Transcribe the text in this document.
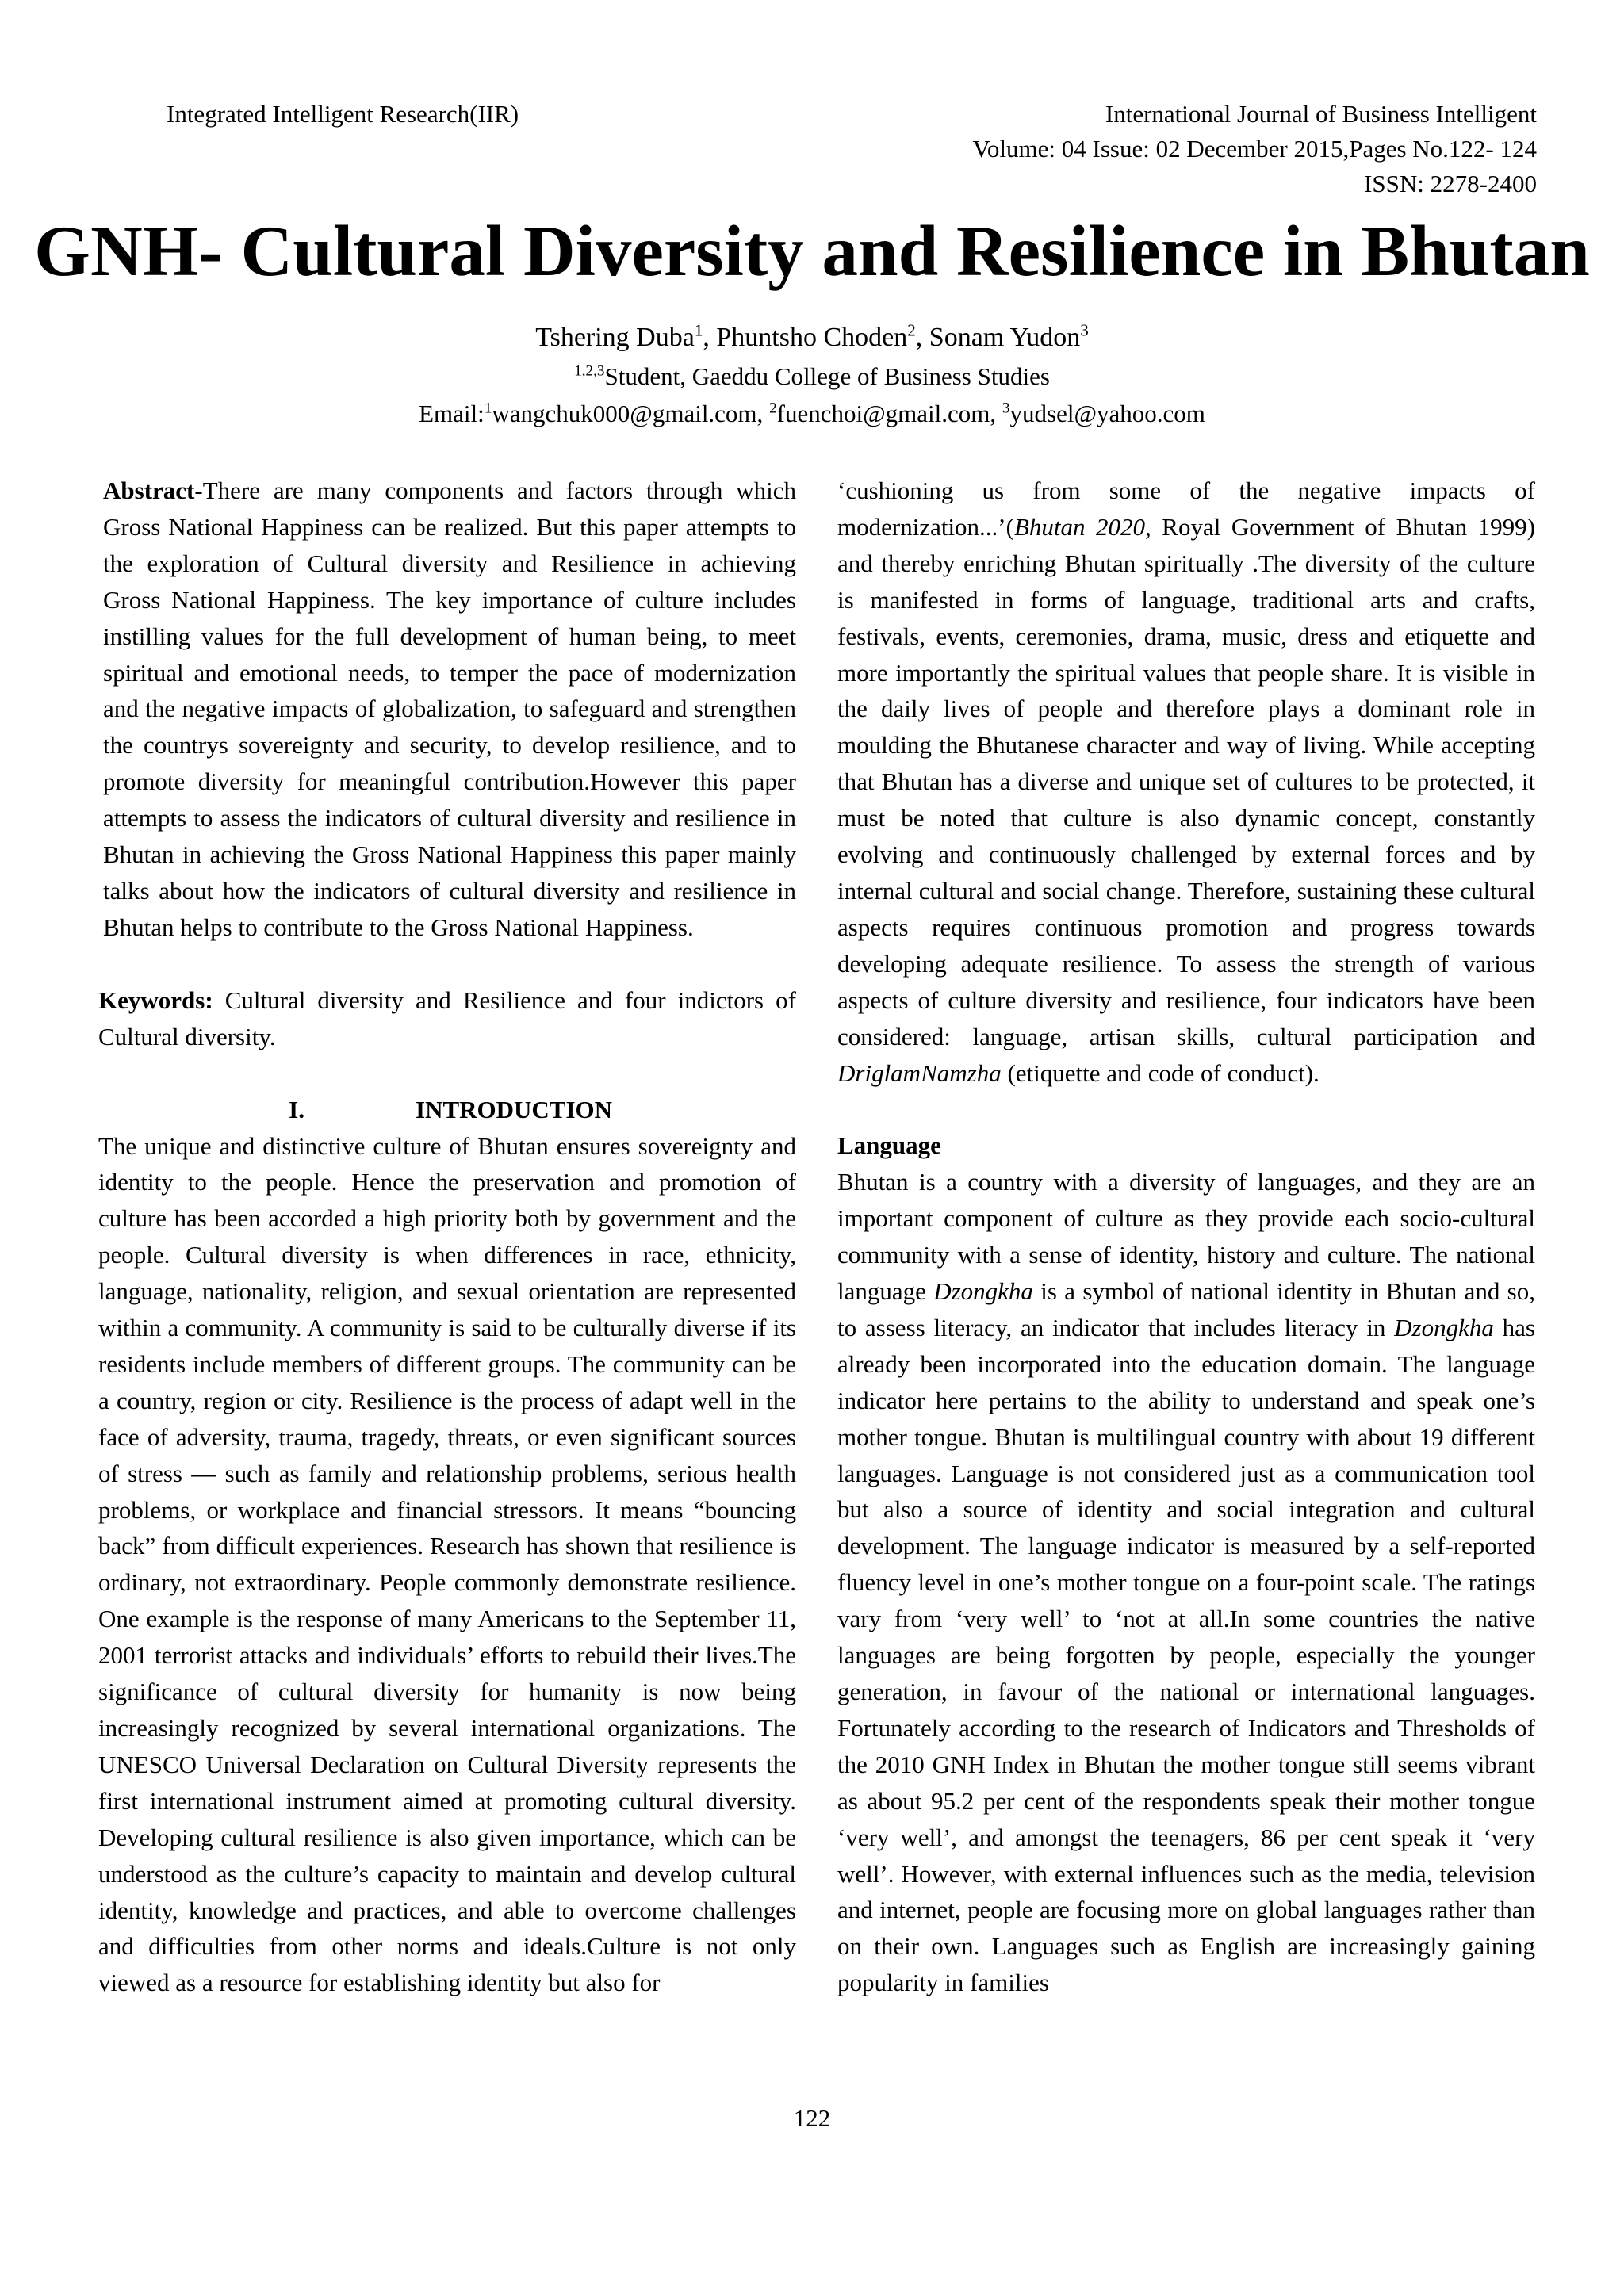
Integrated Intelligent Research(IIR)	International Journal of Business Intelligent
Volume: 04 Issue: 02 December 2015,Pages No.122- 124
ISSN: 2278-2400
GNH- Cultural Diversity and Resilience in Bhutan
Tshering Duba$^1$, Phuntsho Choden$^2$, Sonam Yudon$^3$
$^{1,2,3}$Student, Gaeddu College of Business Studies
Email:$^1$wangchuk000@gmail.com, $^2$fuenchoi@gmail.com, $^3$yudsel@yahoo.com

Abstract-There are many components and factors through which Gross National Happiness can be realized. But this paper attempts to the exploration of Cultural diversity and Resilience in achieving Gross National Happiness. The key importance of culture includes instilling values for the full development of human being, to meet spiritual and emotional needs, to temper the pace of modernization and the negative impacts of globalization, to safeguard and strengthen the countrys sovereignty and security, to develop resilience, and to promote diversity for meaningful contribution.However this paper attempts to assess the indicators of cultural diversity and resilience in Bhutan in achieving the Gross National Happiness this paper mainly talks about how the indicators of cultural diversity and resilience in Bhutan helps to contribute to the Gross National Happiness.

Keywords: Cultural diversity and Resilience and four indictors of Cultural diversity.

I.	INTRODUCTION

The unique and distinctive culture of Bhutan ensures sovereignty and identity to the people. Hence the preservation and promotion of culture has been accorded a high priority both by government and the people. Cultural diversity is when differences in race, ethnicity, language, nationality, religion, and sexual orientation are represented within a community. A community is said to be culturally diverse if its residents include members of different groups. The community can be a country, region or city. Resilience is the process of adapt well in the face of adversity, trauma, tragedy, threats, or even significant sources of stress — such as family and relationship problems, serious health problems, or workplace and financial stressors. It means “bouncing back” from difficult experiences. Research has shown that resilience is ordinary, not extraordinary. People commonly demonstrate resilience. One example is the response of many Americans to the September 11, 2001 terrorist attacks and individuals’ efforts to rebuild their lives.The significance of cultural diversity for humanity is now being increasingly recognized by several international organizations. The UNESCO Universal Declaration on Cultural Diversity represents the first international instrument aimed at promoting cultural diversity. Developing cultural resilience is also given importance, which can be understood as the culture’s capacity to maintain and develop cultural identity, knowledge and practices, and able to overcome challenges and difficulties from other norms and ideals.Culture is not only viewed as a resource for establishing identity but also for

‘cushioning us from some of the negative impacts of modernization...’(Bhutan 2020, Royal Government of Bhutan 1999) and thereby enriching Bhutan spiritually .The diversity of the culture is manifested in forms of language, traditional arts and crafts, festivals, events, ceremonies, drama, music, dress and etiquette and more importantly the spiritual values that people share. It is visible in the daily lives of people and therefore plays a dominant role in moulding the Bhutanese character and way of living. While accepting that Bhutan has a diverse and unique set of cultures to be protected, it must be noted that culture is also dynamic concept, constantly evolving and continuously challenged by external forces and by internal cultural and social change. Therefore, sustaining these cultural aspects requires continuous promotion and progress towards developing adequate resilience. To assess the strength of various aspects of culture diversity and resilience, four indicators have been considered: language, artisan skills, cultural participation and DriglamNamzha (etiquette and code of conduct).

Language

Bhutan is a country with a diversity of languages, and they are an important component of culture as they provide each socio-cultural community with a sense of identity, history and culture. The national language Dzongkha is a symbol of national identity in Bhutan and so, to assess literacy, an indicator that includes literacy in Dzongkha has already been incorporated into the education domain. The language indicator here pertains to the ability to understand and speak one’s mother tongue. Bhutan is multilingual country with about 19 different languages. Language is not considered just as a communication tool but also a source of identity and social integration and cultural development. The language indicator is measured by a self-reported fluency level in one’s mother tongue on a four-point scale. The ratings vary from ‘very well’ to ‘not at all.In some countries the native languages are being forgotten by people, especially the younger generation, in favour of the national or international languages. Fortunately according to the research of Indicators and Thresholds of the 2010 GNH Index in Bhutan the mother tongue still seems vibrant as about 95.2 per cent of the respondents speak their mother tongue ‘very well’, and amongst the teenagers, 86 per cent speak it ‘very well’. However, with external influences such as the media, television and internet, people are focusing more on global languages rather than on their own. Languages such as English are increasingly gaining popularity in families

122
